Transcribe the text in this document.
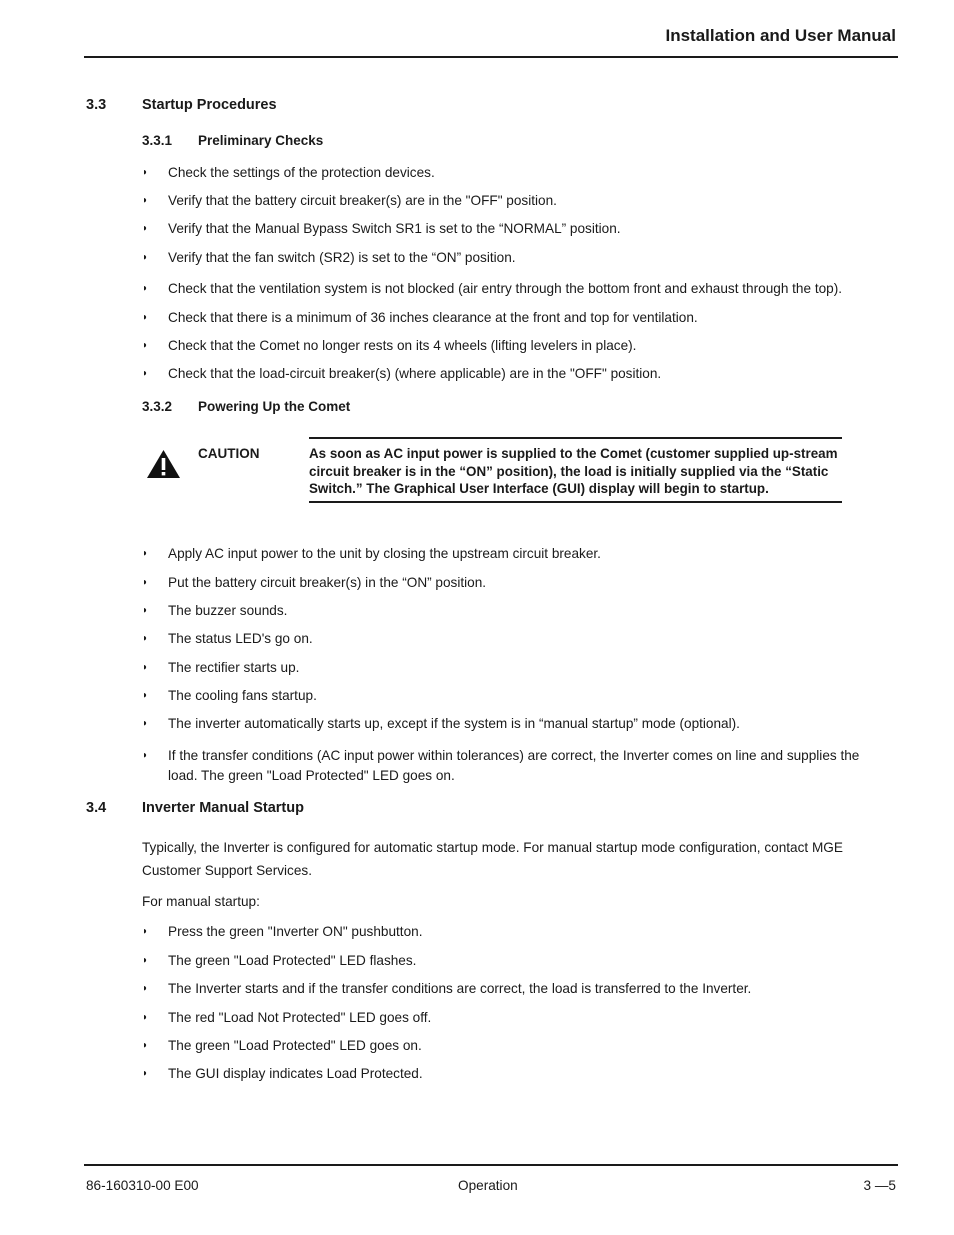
Installation and User Manual
3.3 Startup Procedures
3.3.1 Preliminary Checks
◗ Check the settings of the protection devices.
◗ Verify that the battery circuit breaker(s) are in the "OFF" position.
◗ Verify that the Manual Bypass Switch SR1 is set to the “NORMAL” position.
◗ Verify that the fan switch (SR2) is set to the “ON” position.
◗ Check that the ventilation system is not blocked (air entry through the bottom front and exhaust through the top).
◗ Check that there is a minimum of 36 inches clearance at the front and top for ventilation.
◗ Check that the Comet no longer rests on its 4 wheels (lifting levelers in place).
◗ Check that the load-circuit breaker(s) (where applicable) are in the "OFF" position.
3.3.2 Powering Up the Comet
CAUTION	As soon as AC input power is supplied to the Comet (customer supplied up-stream circuit breaker is in the “ON” position), the load is initially supplied via the “Static Switch.” The Graphical User Interface (GUI) display will begin to startup.
◗ Apply AC input power to the unit by closing the upstream circuit breaker.
◗ Put the battery circuit breaker(s) in the “ON” position.
◗ The buzzer sounds.
◗ The status LED's go on.
◗ The rectifier starts up.
◗ The cooling fans startup.
◗ The inverter automatically starts up, except if the system is in “manual startup” mode (optional).
◗ If the transfer conditions (AC input power within tolerances) are correct, the Inverter comes on line and supplies the load. The green "Load Protected" LED goes on.
3.4 Inverter Manual Startup
Typically, the Inverter is configured for automatic startup mode. For manual startup mode configuration, contact MGE Customer Support Services.
For manual startup:
◗ Press the green "Inverter ON" pushbutton.
◗ The green "Load Protected" LED flashes.
◗ The Inverter starts and if the transfer conditions are correct, the load is transferred to the Inverter.
◗ The red "Load Not Protected" LED goes off.
◗ The green "Load Protected" LED goes on.
◗ The GUI display indicates Load Protected.
86-160310-00 E00	Operation	3 —5
